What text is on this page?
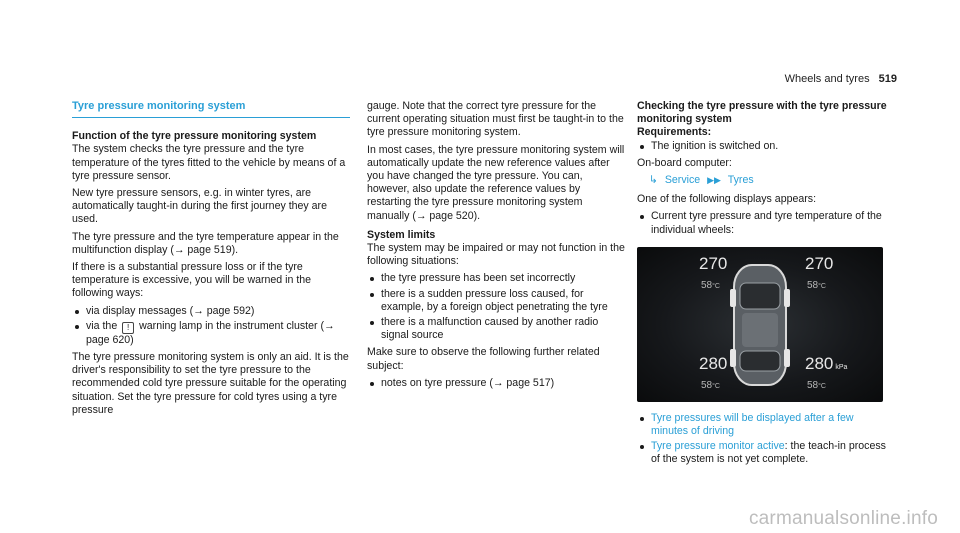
Wheels and tyres 519
Tyre pressure monitoring system
Function of the tyre pressure monitoring system

The system checks the tyre pressure and the tyre temperature of the tyres fitted to the vehicle by means of a tyre pressure sensor.

New tyre pressure sensors, e.g. in winter tyres, are automatically taught-in during the first journey they are used.

The tyre pressure and the tyre temperature appear in the multifunction display (→ page 519).

If there is a substantial pressure loss or if the tyre temperature is excessive, you will be warned in the following ways:

via display messages (→ page 592)
via the ! warning lamp in the instrument cluster (→ page 620)

The tyre pressure monitoring system is only an aid. It is the driver's responsibility to set the tyre pressure to the recommended cold tyre pressure suitable for the operating situation. Set the tyre pressure for cold tyres using a tyre pressure

gauge. Note that the correct tyre pressure for the current operating situation must first be taught-in to the tyre pressure monitoring system.

In most cases, the tyre pressure monitoring system will automatically update the new reference values after you have changed the tyre pressure. You can, however, also update the reference values by restarting the tyre pressure monitoring system manually (→ page 520).

System limits

The system may be impaired or may not function in the following situations:

the tyre pressure has been set incorrectly
there is a sudden pressure loss caused, for example, by a foreign object penetrating the tyre
there is a malfunction caused by another radio signal source

Make sure to observe the following further related subject:

notes on tyre pressure (→ page 517)
Checking the tyre pressure with the tyre pressure monitoring system
Requirements:
The ignition is switched on.

On-board computer:

↳ Service ▶▶ Tyres

One of the following displays appears:

Current tyre pressure and tyre temperature of the individual wheels:
270
58°C
270
58°C
280
58°C
280 kPa
58°C
Tyre pressures will be displayed after a few minutes of driving
Tyre pressure monitor active: the teach-in process of the system is not yet complete.
carmanualsonline.info
